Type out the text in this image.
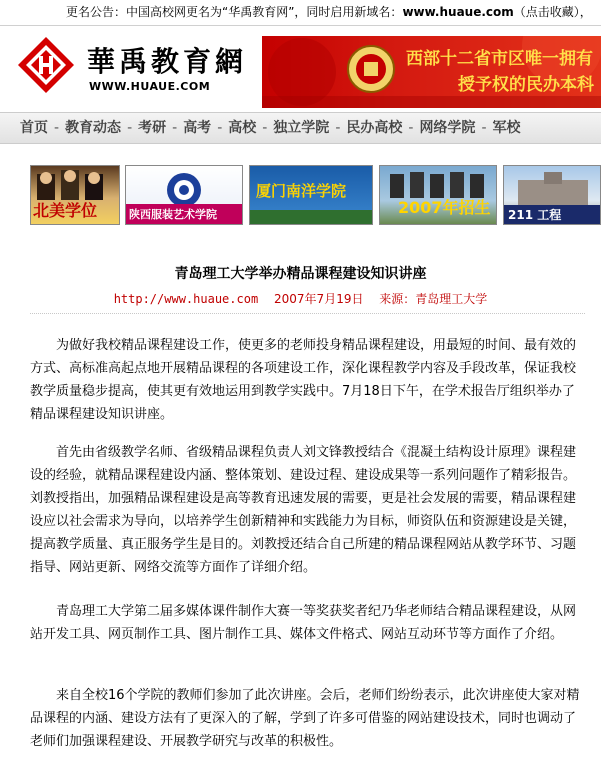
更名公告：中国高校网更名为“华禹教育网”，同时启用新域名：www.huaue.com（点击收藏），
華禹教育網
WWW.HUAUE.COM
西部十二省市区唯一拥有
授予权的民办本科
首页 - 教育动态 - 考研 - 高考 - 高校 - 独立学院 - 民办高校 - 网络学院 - 军校
北美学位	陕西服装艺术学院
厦门南洋学院
2007年招生	211 工程
青岛理工大学举办精品课程建设知识讲座
http://www.huaue.com 2007年7月19日 来源：青岛理工大学
为做好我校精品课程建设工作，使更多的老师投身精品课程建设，用最短的时间、最有效的方式、高标准高起点地开展精品课程的各项建设工作，深化课程教学内容及手段改革，保证我校教学质量稳步提高，使其更有效地运用到教学实践中。7月18日下午，在学术报告厅组织举办了精品课程建设知识讲座。
首先由省级教学名师、省级精品课程负责人刘文锋教授结合《混凝土结构设计原理》课程建设的经验，就精品课程建设内涵、整体策划、建设过程、建设成果等一系列问题作了精彩报告。刘教授指出，加强精品课程建设是高等教育迅速发展的需要，更是社会发展的需要，精品课程建设应以社会需求为导向，以培养学生创新精神和实践能力为目标，师资队伍和资源建设是关键，提高教学质量、真正服务学生是目的。刘教授还结合自己所建的精品课程网站从教学环节、习题指导、网站更新、网络交流等方面作了详细介绍。
青岛理工大学第二届多媒体课件制作大赛一等奖获奖者纪乃华老师结合精品课程建设，从网站开发工具、网页制作工具、图片制作工具、媒体文件格式、网站互动环节等方面作了介绍。
来自全校16个学院的教师们参加了此次讲座。会后，老师们纷纷表示，此次讲座使大家对精品课程的内涵、建设方法有了更深入的了解，学到了许多可借鉴的网站建设技术，同时也调动了老师们加强课程建设、开展教学研究与改革的积极性。
